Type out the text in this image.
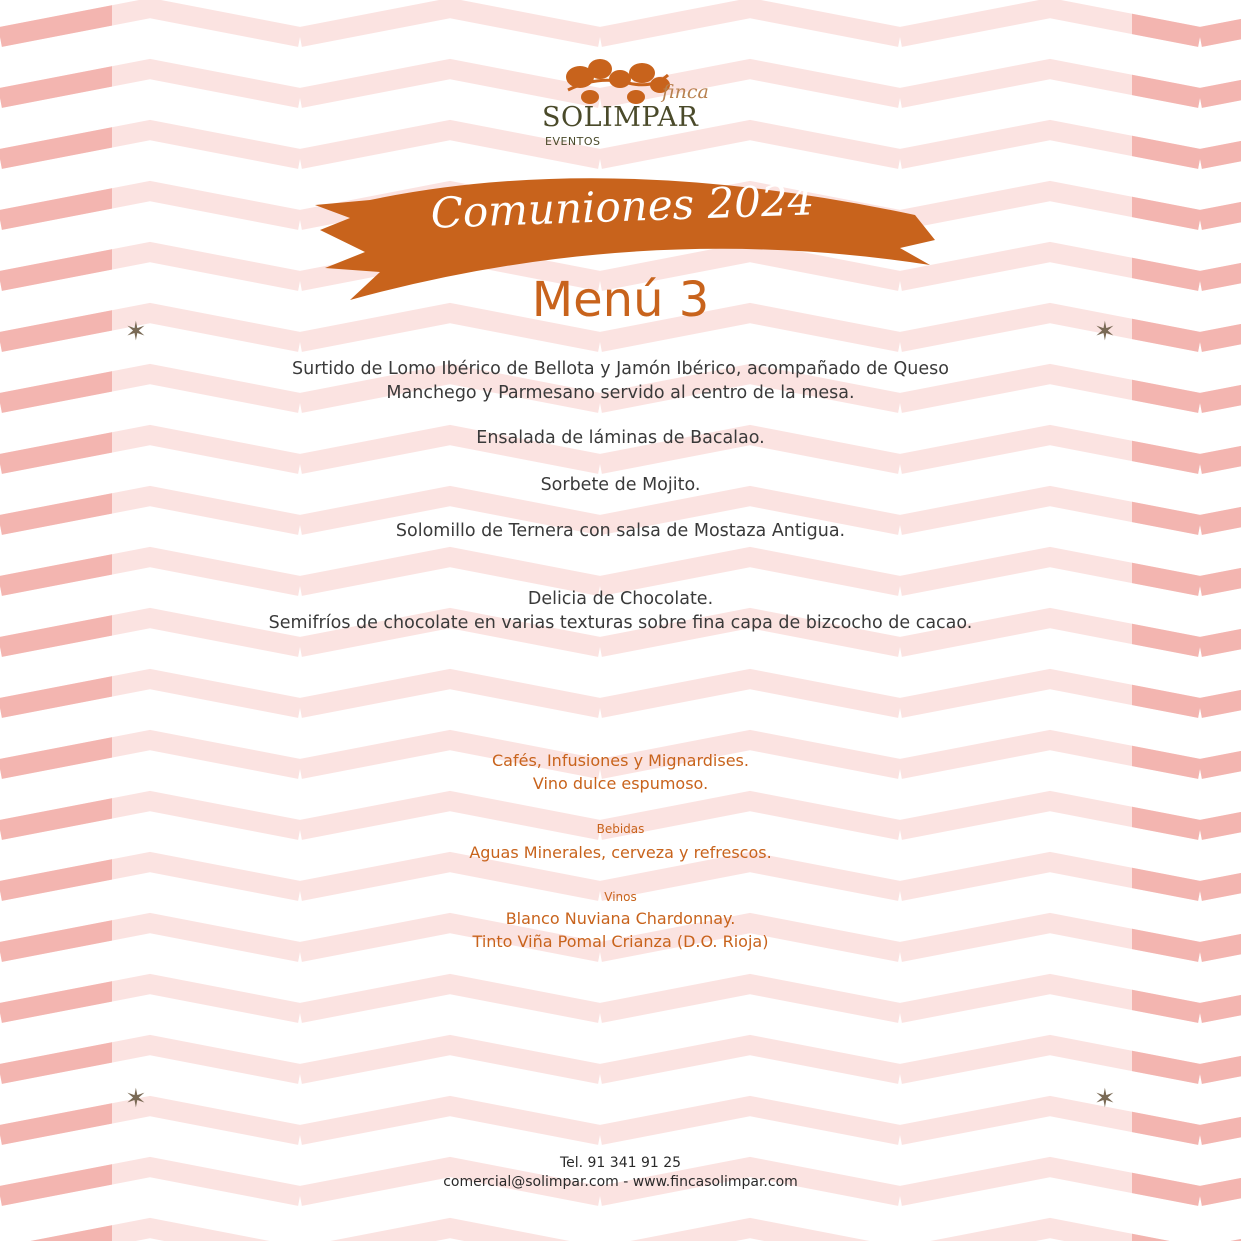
finca
SOLIMPAR
EVENTOS
Comuniones 2024
Menú 3
✶	✶
✶	✶
Surtido de Lomo Ibérico de Bellota y Jamón Ibérico, acompañado de Queso
Manchego y Parmesano servido al centro de la mesa.
Ensalada de láminas de Bacalao.
Sorbete de Mojito.
Solomillo de Ternera con salsa de Mostaza Antigua.
Delicia de Chocolate.
Semifríos de chocolate en varias texturas sobre fina capa de bizcocho de cacao.
Cafés, Infusiones y Mignardises.
Vino dulce espumoso.
Bebidas
Aguas Minerales, cerveza y refrescos.
Vinos
Blanco Nuviana Chardonnay.
Tinto Viña Pomal Crianza (D.O. Rioja)
Tel. 91 341 91 25
comercial@solimpar.com - www.fincasolimpar.com
